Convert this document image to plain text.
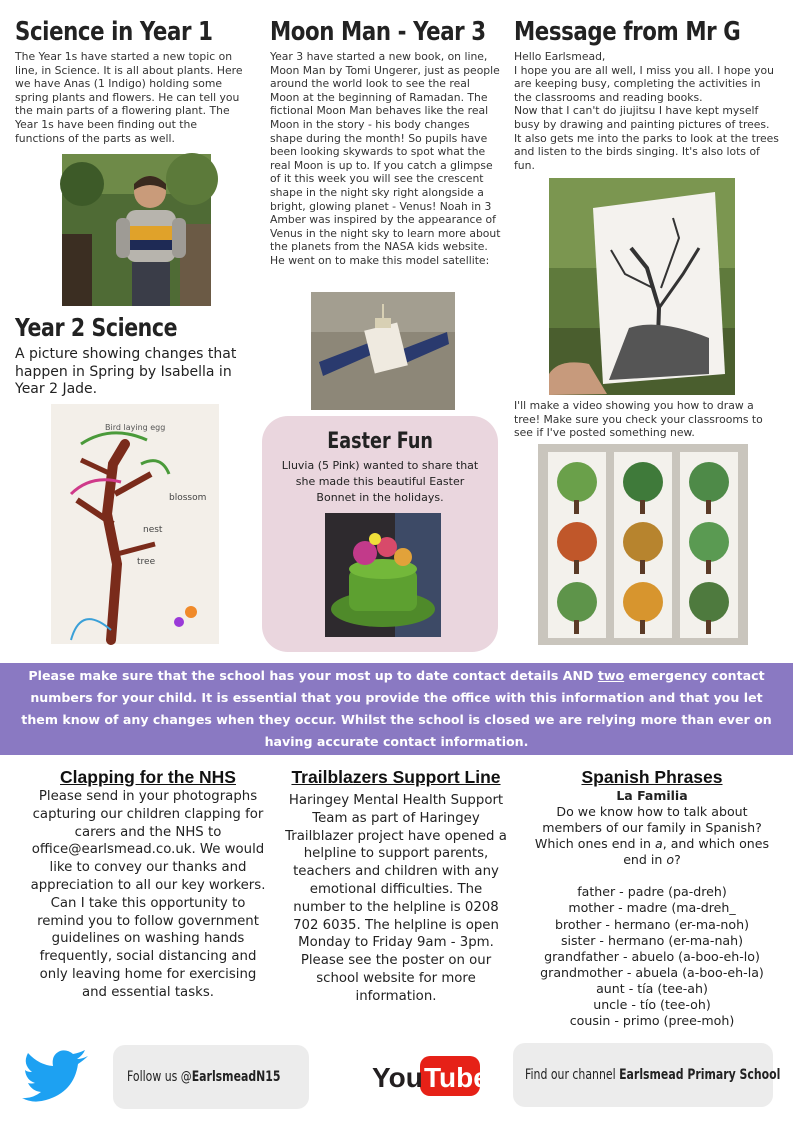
Science in Year 1

The Year 1s have started a new topic on line, in Science. It is all about plants. Here we have Anas (1 Indigo) holding some spring plants and flowers. He can tell you the main parts of a flowering plant. The Year 1s have been finding out the functions of the parts as well.

Year 2 Science

A picture showing changes that happen in Spring by Isabella in Year 2 Jade.

Bird laying egg
blossom
nest
tree
Moon Man - Year 3

Year 3 have started a new book, on line, Moon Man by Tomi Ungerer, just as people around the world look to see the real Moon at the beginning of Ramadan. The fictional Moon Man behaves like the real Moon in the story - his body changes shape during the month! So pupils have been looking skywards to spot what the real Moon is up to. If you catch a glimpse of it this week you will see the crescent shape in the night sky right alongside a bright, glowing planet - Venus! Noah in 3 Amber was inspired by the appearance of Venus in the night sky to learn more about the planets from the NASA kids website. He went on to make this model satellite:

Message from Mr G

Hello Earlsmead,

I hope you are all well, I miss you all. I hope you are keeping busy, completing the activities in the classrooms and reading books.

Now that I can't do jiujitsu I have kept myself busy by drawing and painting pictures of trees. It also gets me into the parks to look at the trees and listen to the birds singing. It's also lots of fun.

I'll make a video showing you how to draw a tree! Make sure you check your classrooms to see if I've posted something new.

Easter Fun

Lluvia (5 Pink) wanted to share that she made this beautiful Easter Bonnet in the holidays.

Please make sure that the school has your most up to date contact details AND two emergency contact numbers for your child. It is essential that you provide the office with this information and that you let them know of any changes when they occur. Whilst the school is closed we are relying more than ever on having accurate contact information.
Clapping for the NHS

Please send in your photographs capturing our children clapping for carers and the NHS to office@earlsmead.co.uk. We would like to convey our thanks and appreciation to all our key workers. Can I take this opportunity to remind you to follow government guidelines on washing hands frequently, social distancing and only leaving home for exercising and essential tasks.

Trailblazers Support Line

Haringey Mental Health Support Team as part of Haringey Trailblazer project have opened a helpline to support parents, teachers and children with any emotional difficulties. The number to the helpline is 0208 702 6035. The helpline is open Monday to Friday 9am - 3pm. Please see the poster on our school website for more information.

Spanish Phrases
La Familia

Do we know how to talk about members of our family in Spanish? Which ones end in a, and which ones end in o?

father - padre (pa-dreh)

mother - madre (ma-dreh_

brother - hermano (er-ma-noh)

sister - hermano (er-ma-nah)

grandfather - abuelo (a-boo-eh-lo)

grandmother - abuela (a-boo-eh-la)

aunt - tía (tee-ah)

uncle - tío (tee-oh)

cousin - primo (pree-moh)

Follow us @EarlsmeadN15	You Tube	Find our channel Earlsmead Primary School
